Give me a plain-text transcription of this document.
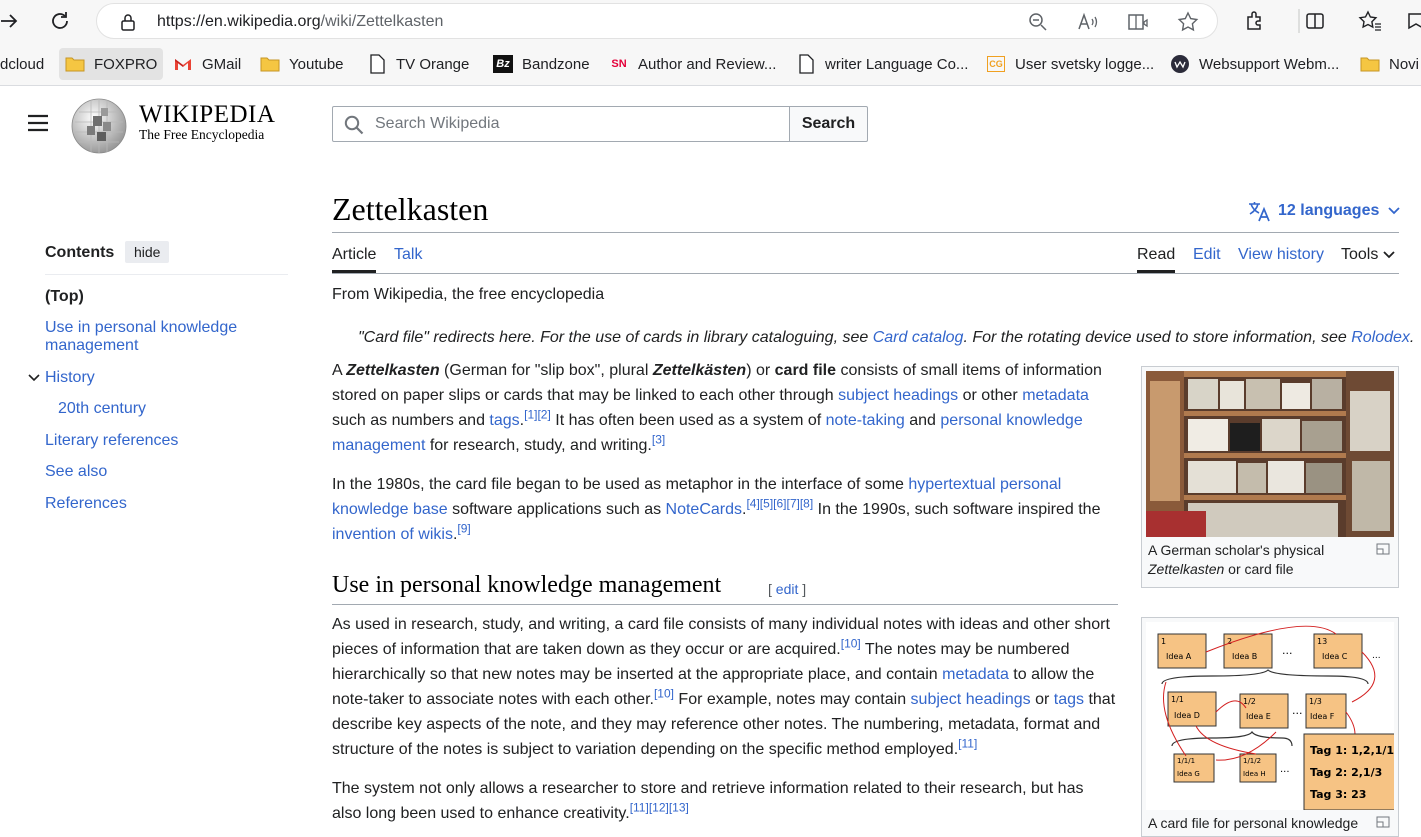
https://en.wikipedia.org/wiki/Zettelkasten
dcloud	FOXPRO	GMail	Youtube	TV Orange Bz Bandzone SN Author and Review...	writer Language Co... CG User svetsky logge...	Websupport Webm...	Novi
WIKIPEDIA
The Free Encyclopedia
Search Wikipedia
Search
Contents	hide
(Top)
Use in personal knowledge management
History
20th century
Literary references
See also
References
Zettelkasten	12 languages
Article Talk	Read Edit View history Tools
From Wikipedia, the free encyclopedia
"Card file" redirects here. For the use of cards in library cataloguing, see Card catalog. For the rotating device used to store information, see Rolodex.
A Zettelkasten (German for "slip box", plural Zettelkästen) or card file consists of small items of information stored on paper slips or cards that may be linked to each other through subject headings or other metadata such as numbers and tags.[1][2] It has often been used as a system of note-taking and personal knowledge management for research, study, and writing.[3]
In the 1980s, the card file began to be used as metaphor in the interface of some hypertextual personal knowledge base software applications such as NoteCards.[4][5][6][7][8] In the 1990s, such software inspired the invention of wikis.[9]
Use in personal knowledge management	[ edit ]
As used in research, study, and writing, a card file consists of many individual notes with ideas and other short pieces of information that are taken down as they occur or are acquired.[10] The notes may be numbered hierarchically so that new notes may be inserted at the appropriate place, and contain metadata to allow the note-taker to associate notes with each other.[10] For example, notes may contain subject headings or tags that describe key aspects of the note, and they may reference other notes. The numbering, metadata, format and structure of the notes is subject to variation depending on the specific method employed.[11]
The system not only allows a researcher to store and retrieve information related to their research, but has also long been used to enhance creativity.[11][12][13]
A German scholar's physical Zettelkasten or card file
1
Idea A
2
Idea B
13
Idea C
...	...
1/1
Idea D
1/2
Idea E
1/3
Idea F
...
1/1/1
Idea G
1/1/2
Idea H ...
Tag 1: 1,2,1/1
Tag 2: 2,1/3
Tag 3: 23
A card file for personal knowledge
